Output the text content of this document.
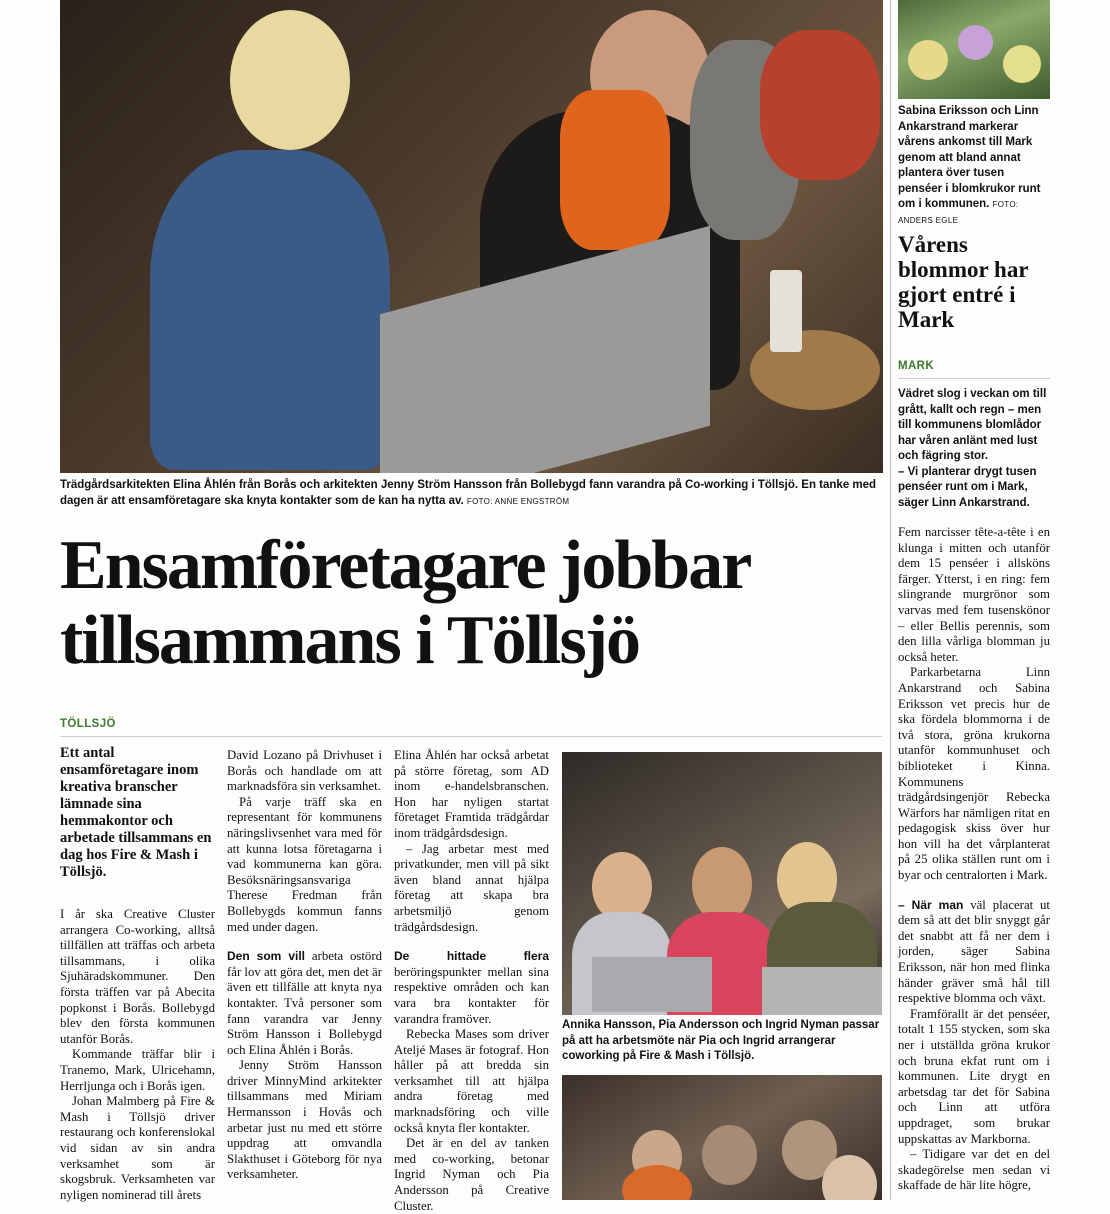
Trädgårdsarkitekten Elina Åhlén från Borås och arkitekten Jenny Ström Hansson från Bollebygd fann varandra på Co-working i Töllsjö. En tanke med dagen är att ensamföretagare ska knyta kontakter som de kan ha nytta av. FOTO: ANNE ENGSTRÖM
Ensamföretagare jobbar tillsammans i Töllsjö
TÖLLSJÖ
Ett antal ensamföretagare inom kreativa branscher lämnade sina hemmakontor och arbetade tillsammans en dag hos Fire & Mash i Töllsjö.

I år ska Creative Cluster arrangera Co-working, alltså tillfällen att träffas och arbeta tillsammans, i olika Sjuhäradskommuner. Den första träffen var på Abecita popkonst i Borås. Bollebygd blev den första kommunen utanför Borås.

Kommande träffar blir i Tranemo, Mark, Ulricehamn, Herrljunga och i Borås igen.

Johan Malmberg på Fire & Mash i Töllsjö driver restaurang och konferenslokal vid sidan av sin andra verksamhet som är skogsbruk. Verksamheten var nyligen nominerad till årets

David Lozano på Drivhuset i Borås och handlade om att marknadsföra sin verksamhet.

På varje träff ska en representant för kommunens näringslivsenhet vara med för att kunna lotsa företagarna i vad kommunerna kan göra. Besöksnäringsansvariga Therese Fredman från Bollebygds kommun fanns med under dagen.

Den som vill arbeta ostörd får lov att göra det, men det är även ett tillfälle att knyta nya kontakter. Två personer som fann varandra var Jenny Ström Hansson i Bollebygd och Elina Åhlén i Borås.

Jenny Ström Hansson driver MinnyMind arkitekter tillsammans med Miriam Hermansson i Hovås och arbetar just nu med ett större uppdrag att omvandla Slakthuset i Göteborg för nya verksamheter.

Elina Åhlén har också arbetat på större företag, som AD inom e-handelsbranschen. Hon har nyligen startat företaget Framtida trädgårdar inom trädgårdsdesign.

– Jag arbetar mest med privatkunder, men vill på sikt även bland annat hjälpa företag att skapa bra arbetsmiljö genom trädgårdsdesign.

De hittade flera beröringspunkter mellan sina respektive områden och kan vara bra kontakter för varandra framöver.

Rebecka Mases som driver Ateljé Mases är fotograf. Hon håller på att bredda sin verksamhet till att hjälpa andra företag med marknadsföring och ville också knyta fler kontakter.

Det är en del av tanken med co-working, betonar Ingrid Nyman och Pia Andersson på Creative Cluster.

Annika Hansson, Pia Andersson och Ingrid Nyman passar på att ha arbetsmöte när Pia och Ingrid arrangerar coworking på Fire & Mash i Töllsjö.
Sabina Eriksson och Linn Ankarstrand markerar vårens ankomst till Mark genom att bland annat plantera över tusen penséer i blomkrukor runt om i kommunen. FOTO: ANDERS EGLE
Vårens blommor har gjort entré i Mark
MARK
Vädret slog i veckan om till grått, kallt och regn – men till kommunens blomlådor har våren anlänt med lust och fägring stor.
– Vi planterar drygt tusen penséer runt om i Mark, säger Linn Ankarstrand.

Fem narcisser tête-a-tête i en klunga i mitten och utanför dem 15 penséer i allsköns färger. Ytterst, i en ring: fem slingrande murgrönor som varvas med fem tusenskönor – eller Bellis perennis, som den lilla vårliga blomman ju också heter.

Parkarbetarna Linn Ankarstrand och Sabina Eriksson vet precis hur de ska fördela blommorna i de två stora, gröna krukorna utanför kommunhuset och biblioteket i Kinna. Kommunens trädgårdsingenjör Rebecka Wärfors har nämligen ritat en pedagogisk skiss över hur hon vill ha det vårplanterat på 25 olika ställen runt om i byar och centralorten i Mark.

– När man väl placerat ut dem så att det blir snyggt går det snabbt att få ner dem i jorden, säger Sabina Eriksson, när hon med flinka händer gräver små hål till respektive blomma och växt.

Framförallt är det penséer, totalt 1 155 stycken, som ska ner i utställda gröna krukor och bruna ekfat runt om i kommunen. Lite drygt en arbetsdag tar det för Sabina och Linn att utföra uppdraget, som brukar uppskattas av Markborna.

– Tidigare var det en del skadegörelse men sedan vi skaffade de här lite högre,
